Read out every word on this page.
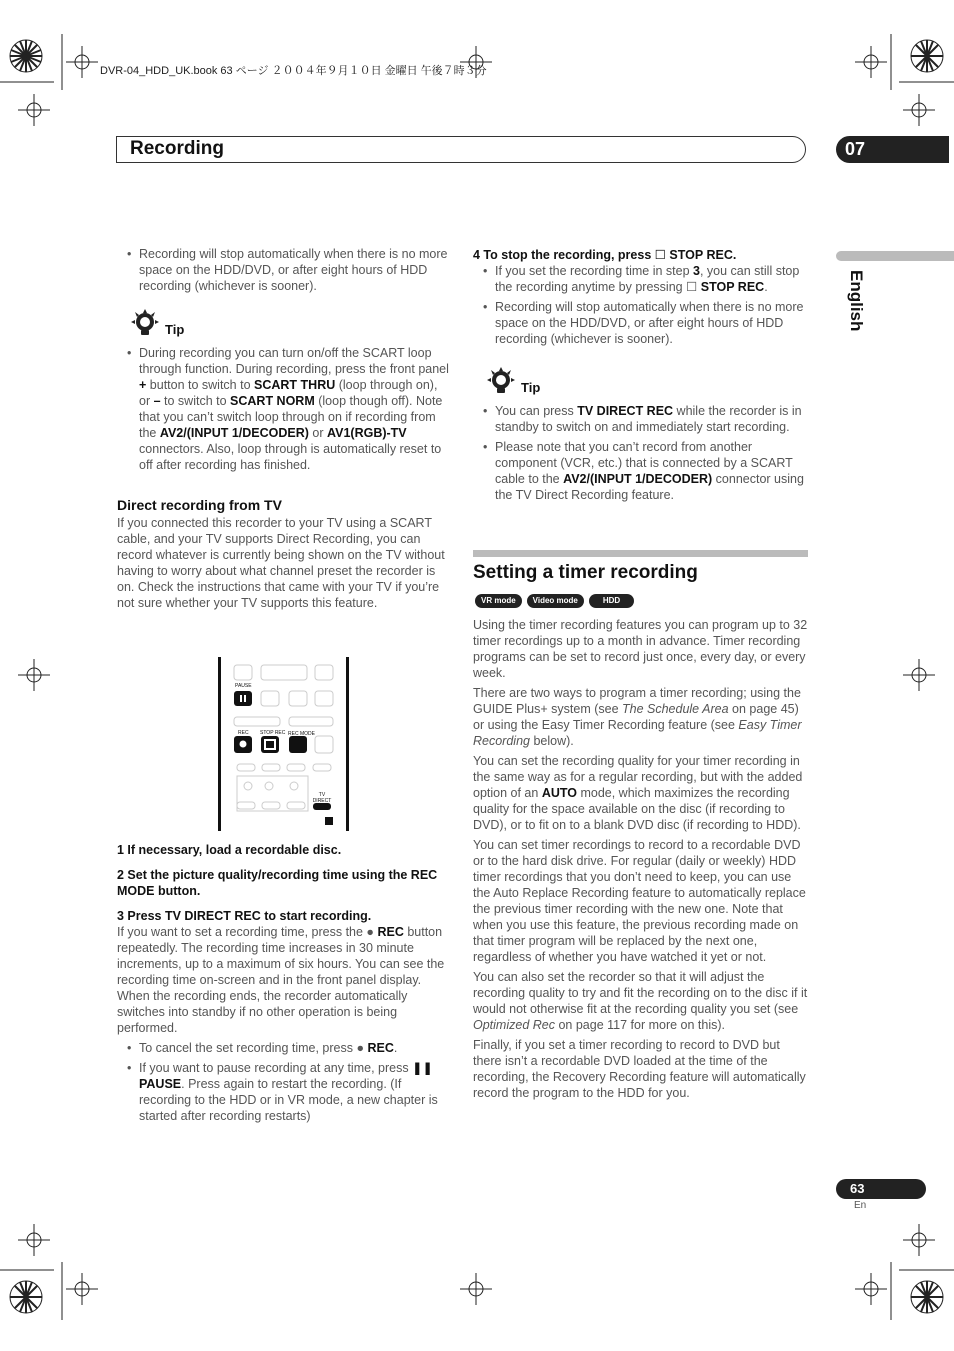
DVR-04_HDD_UK.book 63 ページ ２００４年９月１０日 金曜日 午後７時３分
Recording	07
English
• Recording will stop automatically when there is no more space on the HDD/DVD, or after eight hours of HDD recording (whichever is sooner).
Tip
• During recording you can turn on/off the SCART loop through function. During recording, press the front panel + button to switch to SCART THRU (loop through on), or – to switch to SCART NORM (loop though off). Note that you can’t switch loop through on if recording from the AV2/(INPUT 1/DECODER) or AV1(RGB)-TV connectors. Also, loop through is automatically reset to off after recording has finished.
Direct recording from TV
If you connected this recorder to your TV using a SCART cable, and your TV supports Direct Recording, you can record whatever is currently being shown on the TV without having to worry about what channel preset the recorder is on. Check the instructions that came with your TV if you’re not sure whether your TV supports this feature.
PAUSE
REC STOP REC REC MODE
TV DIRECT REC
1 If necessary, load a recordable disc.
2 Set the picture quality/recording time using the REC MODE button.
3 Press TV DIRECT REC to start recording.
If you want to set a recording time, press the ● REC button repeatedly. The recording time increases in 30 minute increments, up to a maximum of six hours. You can see the recording time on-screen and in the front panel display. When the recording ends, the recorder automatically switches into standby if no other operation is being performed.
• To cancel the set recording time, press ● REC.
• If you want to pause recording at any time, press ❚❚ PAUSE. Press again to restart the recording. (If recording to the HDD or in VR mode, a new chapter is started after recording restarts)
4 To stop the recording, press ☐ STOP REC.
• If you set the recording time in step 3, you can still stop the recording anytime by pressing ☐ STOP REC.
• Recording will stop automatically when there is no more space on the HDD/DVD, or after eight hours of HDD recording (whichever is sooner).
Tip
• You can press TV DIRECT REC while the recorder is in standby to switch on and immediately start recording.
• Please note that you can’t record from another component (VCR, etc.) that is connected by a SCART cable to the AV2/(INPUT 1/DECODER) connector using the TV Direct Recording feature.
Setting a timer recording
VR mode Video mode	HDD
Using the timer recording features you can program up to 32 timer recordings up to a month in advance. Timer recording programs can be set to record just once, every day, or every week.
There are two ways to program a timer recording; using the GUIDE Plus+ system (see The Schedule Area on page 45) or using the Easy Timer Recording feature (see Easy Timer Recording below).
You can set the recording quality for your timer recording in the same way as for a regular recording, but with the added option of an AUTO mode, which maximizes the recording quality for the space available on the disc (if recording to DVD), or to fit on to a blank DVD disc (if recording to HDD).
You can set timer recordings to record to a recordable DVD or to the hard disk drive. For regular (daily or weekly) HDD timer recordings that you don’t need to keep, you can use the Auto Replace Recording feature to automatically replace the previous timer recording with the new one. Note that when you use this feature, the previous recording made on that timer program will be replaced by the next one, regardless of whether you have watched it yet or not.
You can also set the recorder so that it will adjust the recording quality to try and fit the recording on to the disc if it would not otherwise fit at the recording quality you set (see Optimized Rec on page 117 for more on this).
Finally, if you set a timer recording to record to DVD but there isn’t a recordable DVD loaded at the time of the recording, the Recovery Recording feature will automatically record the program to the HDD for you.
63
En
